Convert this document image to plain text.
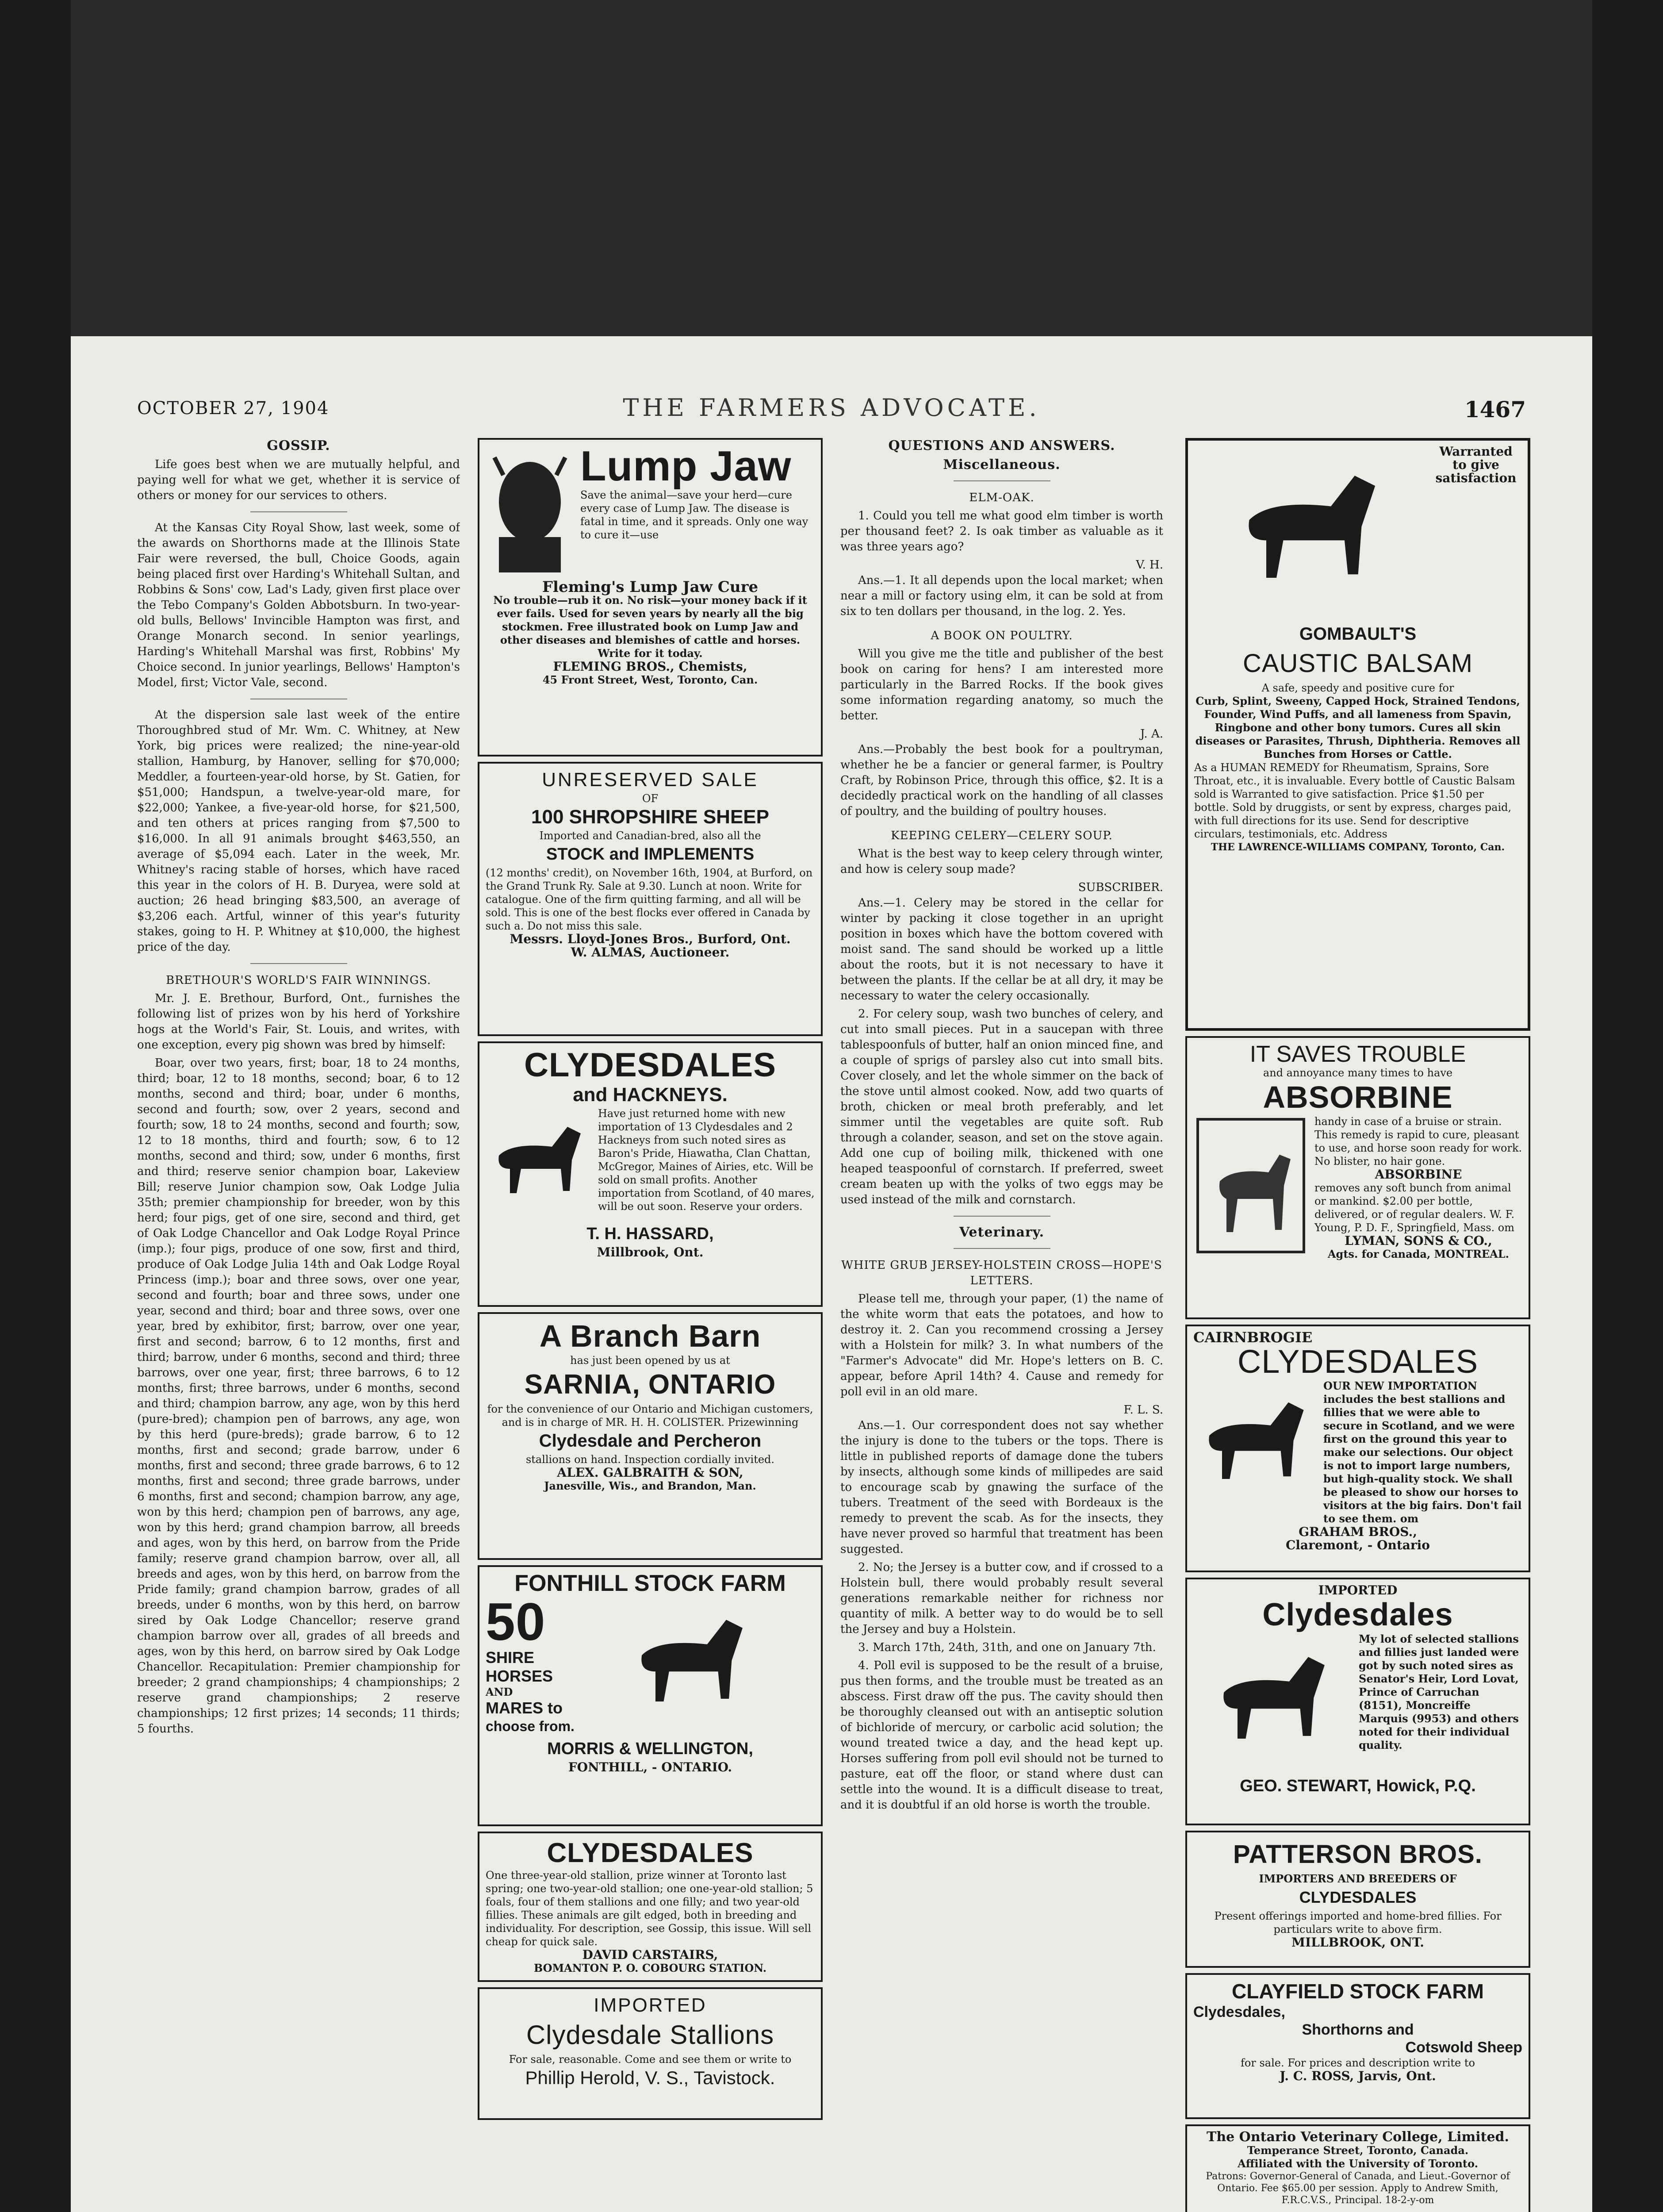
OCTOBER 27, 1904	THE FARMERS ADVOCATE.	1467
GOSSIP.

Life goes best when we are mutually helpful, and paying well for what we get, whether it is service of others or money for our services to others.

At the Kansas City Royal Show, last week, some of the awards on Shorthorns made at the Illinois State Fair were reversed, the bull, Choice Goods, again being placed first over Harding's Whitehall Sultan, and Robbins & Sons' cow, Lad's Lady, given first place over the Tebo Company's Golden Abbotsburn. In two-year-old bulls, Bellows' Invincible Hampton was first, and Orange Monarch second. In senior yearlings, Harding's Whitehall Marshal was first, Robbins' My Choice second. In junior yearlings, Bellows' Hampton's Model, first; Victor Vale, second.

At the dispersion sale last week of the entire Thoroughbred stud of Mr. Wm. C. Whitney, at New York, big prices were realized; the nine-year-old stallion, Hamburg, by Hanover, selling for $70,000; Meddler, a fourteen-year-old horse, by St. Gatien, for $51,000; Handspun, a twelve-year-old mare, for $22,000; Yankee, a five-year-old horse, for $21,500, and ten others at prices ranging from $7,500 to $16,000. In all 91 animals brought $463,550, an average of $5,094 each. Later in the week, Mr. Whitney's racing stable of horses, which have raced this year in the colors of H. B. Duryea, were sold at auction; 26 head bringing $83,500, an average of $3,206 each. Artful, winner of this year's futurity stakes, going to H. P. Whitney at $10,000, the highest price of the day.

BRETHOUR'S WORLD'S FAIR WINNINGS.

Mr. J. E. Brethour, Burford, Ont., furnishes the following list of prizes won by his herd of Yorkshire hogs at the World's Fair, St. Louis, and writes, with one exception, every pig shown was bred by himself:

Boar, over two years, first; boar, 18 to 24 months, third; boar, 12 to 18 months, second; boar, 6 to 12 months, second and third; boar, under 6 months, second and fourth; sow, over 2 years, second and fourth; sow, 18 to 24 months, second and fourth; sow, 12 to 18 months, third and fourth; sow, 6 to 12 months, second and third; sow, under 6 months, first and third; reserve senior champion boar, Lakeview Bill; reserve Junior champion sow, Oak Lodge Julia 35th; premier championship for breeder, won by this herd; four pigs, get of one sire, second and third, get of Oak Lodge Chancellor and Oak Lodge Royal Prince (imp.); four pigs, produce of one sow, first and third, produce of Oak Lodge Julia 14th and Oak Lodge Royal Princess (imp.); boar and three sows, over one year, second and fourth; boar and three sows, under one year, second and third; boar and three sows, over one year, bred by exhibitor, first; barrow, over one year, first and second; barrow, 6 to 12 months, first and third; barrow, under 6 months, second and third; three barrows, over one year, first; three barrows, 6 to 12 months, first; three barrows, under 6 months, second and third; champion barrow, any age, won by this herd (pure-bred); champion pen of barrows, any age, won by this herd (pure-breds); grade barrow, 6 to 12 months, first and second; grade barrow, under 6 months, first and second; three grade barrows, 6 to 12 months, first and second; three grade barrows, under 6 months, first and second; champion barrow, any age, won by this herd; champion pen of barrows, any age, won by this herd; grand champion barrow, all breeds and ages, won by this herd, on barrow from the Pride family; reserve grand champion barrow, over all, all breeds and ages, won by this herd, on barrow from the Pride family; grand champion barrow, grades of all breeds, under 6 months, won by this herd, on barrow sired by Oak Lodge Chancellor; reserve grand champion barrow over all, grades of all breeds and ages, won by this herd, on barrow sired by Oak Lodge Chancellor. Recapitulation: Premier championship for breeder; 2 grand championships; 4 championships; 2 reserve grand championships; 2 reserve championships; 12 first prizes; 14 seconds; 11 thirds; 5 fourths.

Lump Jaw
Save the animal—save your herd—cure every case of Lump Jaw. The disease is fatal in time, and it spreads. Only one way to cure it—use
Fleming's Lump Jaw Cure
No trouble—rub it on. No risk—your money back if it ever fails. Used for seven years by nearly all the big stockmen. Free illustrated book on Lump Jaw and other diseases and blemishes of cattle and horses. Write for it today.
FLEMING BROS., Chemists,
45 Front Street, West, Toronto, Can.
UNRESERVED SALE
OF
100 SHROPSHIRE SHEEP
Imported and Canadian-bred, also all the
STOCK and IMPLEMENTS
(12 months' credit), on November 16th, 1904, at Burford, on the Grand Trunk Ry. Sale at 9.30. Lunch at noon. Write for catalogue. One of the firm quitting farming, and all will be sold. This is one of the best flocks ever offered in Canada by such a. Do not miss this sale.
Messrs. Lloyd-Jones Bros., Burford, Ont.
W. ALMAS, Auctioneer.
CLYDESDALES
and HACKNEYS.
Have just returned home with new importation of 13 Clydesdales and 2 Hackneys from such noted sires as Baron's Pride, Hiawatha, Clan Chattan, McGregor, Maines of Airies, etc. Will be sold on small profits. Another importation from Scotland, of 40 mares, will be out soon. Reserve your orders.
T. H. HASSARD,
Millbrook, Ont.
A Branch Barn
has just been opened by us at
SARNIA, ONTARIO
for the convenience of our Ontario and Michigan customers, and is in charge of MR. H. H. COLISTER. Prizewinning
Clydesdale and Percheron
stallions on hand. Inspection cordially invited.
ALEX. GALBRAITH & SON,
Janesville, Wis., and Brandon, Man.
FONTHILL STOCK FARM
50
SHIRE
HORSES
AND
MARES to
choose from.
MORRIS & WELLINGTON,
FONTHILL, - ONTARIO.
CLYDESDALES
One three-year-old stallion, prize winner at Toronto last spring; one two-year-old stallion; one one-year-old stallion; 5 foals, four of them stallions and one filly; and two year-old fillies. These animals are gilt edged, both in breeding and individuality. For description, see Gossip, this issue. Will sell cheap for quick sale.
DAVID CARSTAIRS,
BOMANTON P. O. COBOURG STATION.
IMPORTED
Clydesdale Stallions
For sale, reasonable. Come and see them or write to
Phillip Herold, V. S., Tavistock.
QUESTIONS AND ANSWERS.
Miscellaneous.
ELM-OAK.

1. Could you tell me what good elm timber is worth per thousand feet? 2. Is oak timber as valuable as it was three years ago?

V. H.

Ans.—1. It all depends upon the local market; when near a mill or factory using elm, it can be sold at from six to ten dollars per thousand, in the log. 2. Yes.

A BOOK ON POULTRY.

Will you give me the title and publisher of the best book on caring for hens? I am interested more particularly in the Barred Rocks. If the book gives some information regarding anatomy, so much the better.

J. A.

Ans.—Probably the best book for a poultryman, whether he be a fancier or general farmer, is Poultry Craft, by Robinson Price, through this office, $2. It is a decidedly practical work on the handling of all classes of poultry, and the building of poultry houses.

KEEPING CELERY—CELERY SOUP.

What is the best way to keep celery through winter, and how is celery soup made?

SUBSCRIBER.

Ans.—1. Celery may be stored in the cellar for winter by packing it close together in an upright position in boxes which have the bottom covered with moist sand. The sand should be worked up a little about the roots, but it is not necessary to have it between the plants. If the cellar be at all dry, it may be necessary to water the celery occasionally.

2. For celery soup, wash two bunches of celery, and cut into small pieces. Put in a saucepan with three tablespoonfuls of butter, half an onion minced fine, and a couple of sprigs of parsley also cut into small bits. Cover closely, and let the whole simmer on the back of the stove until almost cooked. Now, add two quarts of broth, chicken or meal broth preferably, and let simmer until the vegetables are quite soft. Rub through a colander, season, and set on the stove again. Add one cup of boiling milk, thickened with one heaped teaspoonful of cornstarch. If preferred, sweet cream beaten up with the yolks of two eggs may be used instead of the milk and cornstarch.

Veterinary.
WHITE GRUB JERSEY-HOLSTEIN CROSS—HOPE'S LETTERS.

Please tell me, through your paper, (1) the name of the white worm that eats the potatoes, and how to destroy it. 2. Can you recommend crossing a Jersey with a Holstein for milk? 3. In what numbers of the "Farmer's Advocate" did Mr. Hope's letters on B. C. appear, before April 14th? 4. Cause and remedy for poll evil in an old mare.

F. L. S.

Ans.—1. Our correspondent does not say whether the injury is done to the tubers or the tops. There is little in published reports of damage done the tubers by insects, although some kinds of millipedes are said to encourage scab by gnawing the surface of the tubers. Treatment of the seed with Bordeaux is the remedy to prevent the scab. As for the insects, they have never proved so harmful that treatment has been suggested.

2. No; the Jersey is a butter cow, and if crossed to a Holstein bull, there would probably result several generations remarkable neither for richness nor quantity of milk. A better way to do would be to sell the Jersey and buy a Holstein.

3. March 17th, 24th, 31th, and one on January 7th.

4. Poll evil is supposed to be the result of a bruise, pus then forms, and the trouble must be treated as an abscess. First draw off the pus. The cavity should then be thoroughly cleansed out with an antiseptic solution of bichloride of mercury, or carbolic acid solution; the wound treated twice a day, and the head kept up. Horses suffering from poll evil should not be turned to pasture, eat off the floor, or stand where dust can settle into the wound. It is a difficult disease to treat, and it is doubtful if an old horse is worth the trouble.

Warranted to give satisfaction
GOMBAULT'S
CAUSTIC BALSAM
A safe, speedy and positive cure for
Curb, Splint, Sweeny, Capped Hock, Strained Tendons, Founder, Wind Puffs, and all lameness from Spavin, Ringbone and other bony tumors. Cures all skin diseases or Parasites, Thrush, Diphtheria. Removes all Bunches from Horses or Cattle.
As a HUMAN REMEDY for Rheumatism, Sprains, Sore Throat, etc., it is invaluable. Every bottle of Caustic Balsam sold is Warranted to give satisfaction. Price $1.50 per bottle. Sold by druggists, or sent by express, charges paid, with full directions for its use. Send for descriptive circulars, testimonials, etc. Address
THE LAWRENCE-WILLIAMS COMPANY, Toronto, Can.
IT SAVES TROUBLE
and annoyance many times to have
ABSORBINE
handy in case of a bruise or strain. This remedy is rapid to cure, pleasant to use, and horse soon ready for work. No blister, no hair gone.
ABSORBINE
removes any soft bunch from animal or mankind. $2.00 per bottle, delivered, or of regular dealers. W. F. Young, P. D. F., Springfield, Mass. om
LYMAN, SONS & CO.,
Agts. for Canada, MONTREAL.
CAIRNBROGIE
CLYDESDALES
OUR NEW IMPORTATION includes the best stallions and fillies that we were able to secure in Scotland, and we were first on the ground this year to make our selections. Our object is not to import large numbers, but high-quality stock. We shall be pleased to show our horses to visitors at the big fairs. Don't fail to see them. om
GRAHAM BROS.,
Claremont, - Ontario
IMPORTED
Clydesdales
My lot of selected stallions and fillies just landed were got by such noted sires as Senator's Heir, Lord Lovat, Prince of Carruchan (8151), Moncreiffe Marquis (9953) and others noted for their individual quality.
GEO. STEWART, Howick, P.Q.
PATTERSON BROS.
IMPORTERS AND BREEDERS OF
CLYDESDALES
Present offerings imported and home-bred fillies. For particulars write to above firm.
MILLBROOK, ONT.
CLAYFIELD STOCK FARM
Clydesdales,
Shorthorns and
Cotswold Sheep
for sale. For prices and description write to
J. C. ROSS, Jarvis, Ont.
The Ontario Veterinary College, Limited.
Temperance Street, Toronto, Canada.
Affiliated with the University of Toronto.
Patrons: Governor-General of Canada, and Lieut.-Governor of Ontario. Fee $65.00 per session. Apply to Andrew Smith, F.R.C.V.S., Principal. 18-2-y-om
